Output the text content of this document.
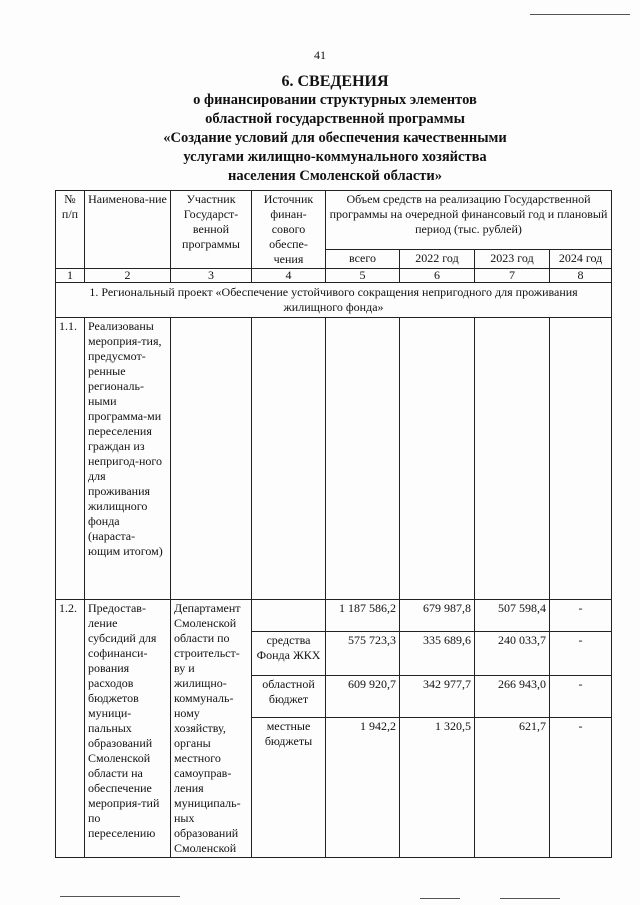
41
6. СВЕДЕНИЯ
о финансировании структурных элементов
областной государственной программы
«Создание условий для обеспечения качественными
услугами жилищно-коммунального хозяйства
населения Смоленской области»
№ п/п	Наименова-ние	Участник Государст-венной программы	Источник финан-сового обеспе-чения	Объем средств на реализацию Государственной программы на очередной финансовый год и плановый период (тыс. рублей)			
				всего	2022 год	2023 год	2024 год
1	2	3	4	5	6	7	8
1. Региональный проект «Обеспечение устойчивого сокращения непригодного для проживания жилищного фонда»							
1.1.	Реализованы мероприя-тия, предусмот-ренные региональ-ными программа-ми переселения граждан из непригод-ного для проживания жилищного фонда (нараста-ющим итогом)						
1.2.	Предостав-ление субсидий для софинанси-рования расходов бюджетов муници-пальных образований Смоленской области на обеспечение мероприя-тий по переселению	Департамент Смоленской области по строительст-ву и жилищно-коммуналь-ному хозяйству, органы местного самоуправ-ления муниципаль-ных образований Смоленской		1 187 586,2	679 987,8	507 598,4	-
			средства Фонда ЖКХ	575 723,3	335 689,6	240 033,7	-
			областной бюджет	609 920,7	342 977,7	266 943,0	-
			местные бюджеты	1 942,2	1 320,5	621,7	-
